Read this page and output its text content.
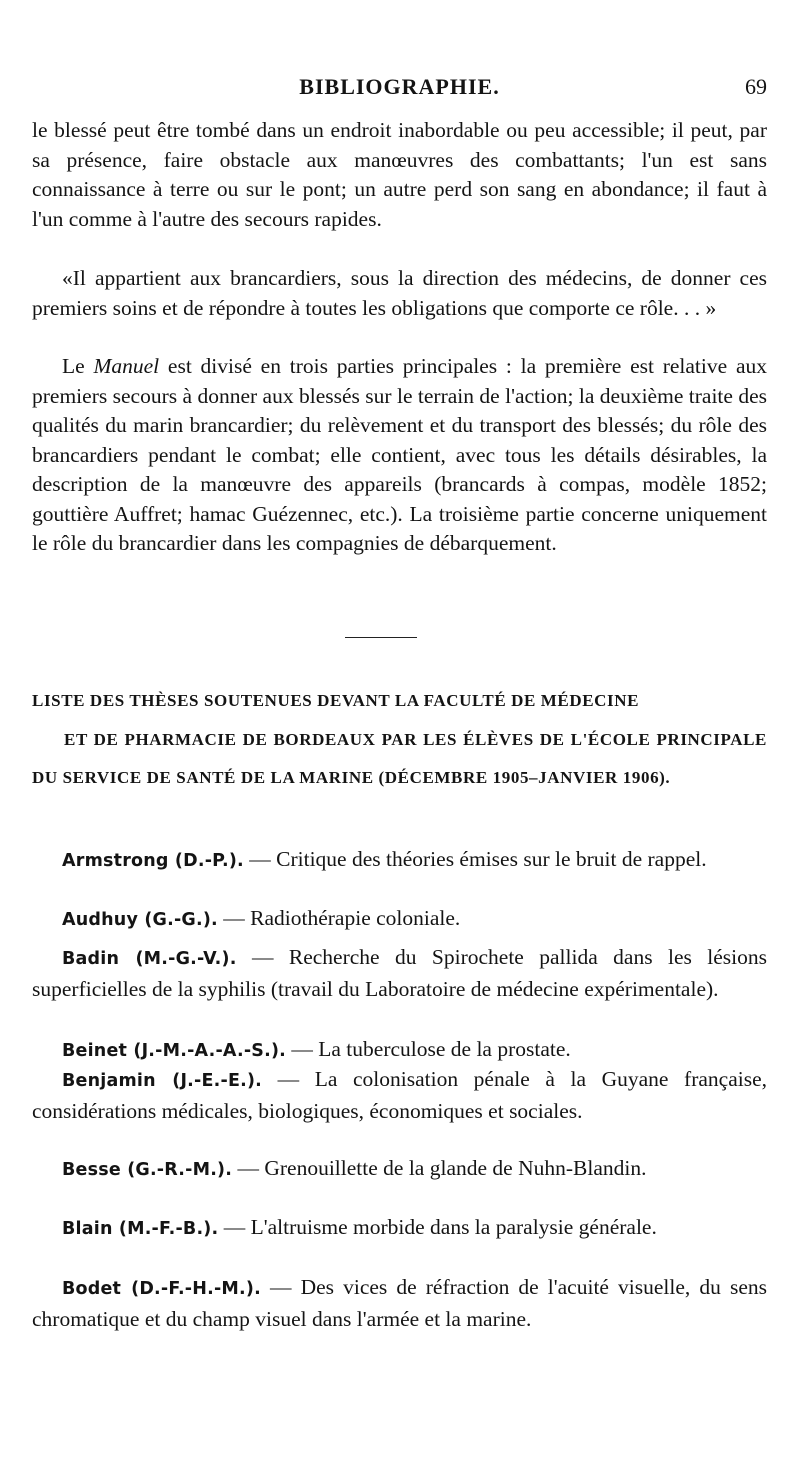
BIBLIOGRAPHIE.	69

le blessé peut être tombé dans un endroit inabordable ou peu accessible; il peut, par sa présence, faire obstacle aux manœuvres des combattants; l'un est sans connaissance à terre ou sur le pont; un autre perd son sang en abondance; il faut à l'un comme à l'autre des secours rapides.

«Il appartient aux brancardiers, sous la direction des médecins, de donner ces premiers soins et de répondre à toutes les obligations que comporte ce rôle. . . »

Le Manuel est divisé en trois parties principales : la première est relative aux premiers secours à donner aux blessés sur le terrain de l'action; la deuxième traite des qualités du marin brancardier; du relèvement et du transport des blessés; du rôle des brancardiers pendant le combat; elle contient, avec tous les détails désirables, la description de la manœuvre des appareils (brancards à compas, modèle 1852; gouttière Auffret; hamac Guézennec, etc.). La troisième partie concerne uniquement le rôle du brancardier dans les compagnies de débarquement.

LISTE DES THÈSES SOUTENUES DEVANT LA FACULTÉ DE MÉDECINE
ET DE PHARMACIE DE BORDEAUX PAR LES ÉLÈVES DE L'ÉCOLE PRINCIPALE DU SERVICE DE SANTÉ DE LA MARINE (DÉCEMBRE 1905–JANVIER 1906).

Armstrong (D.-P.). — Critique des théories émises sur le bruit de rappel.

Audhuy (G.-G.). — Radiothérapie coloniale.

Badin (M.-G.-V.). — Recherche du Spirochete pallida dans les lésions superficielles de la syphilis (travail du Laboratoire de médecine expérimentale).

Beinet (J.-M.-A.-A.-S.). — La tuberculose de la prostate.

Benjamin (J.-E.-E.). — La colonisation pénale à la Guyane française, considérations médicales, biologiques, économiques et sociales.

Besse (G.-R.-M.). — Grenouillette de la glande de Nuhn-Blandin.

Blain (M.-F.-B.). — L'altruisme morbide dans la paralysie générale.

Bodet (D.-F.-H.-M.). — Des vices de réfraction de l'acuité visuelle, du sens chromatique et du champ visuel dans l'armée et la marine.
